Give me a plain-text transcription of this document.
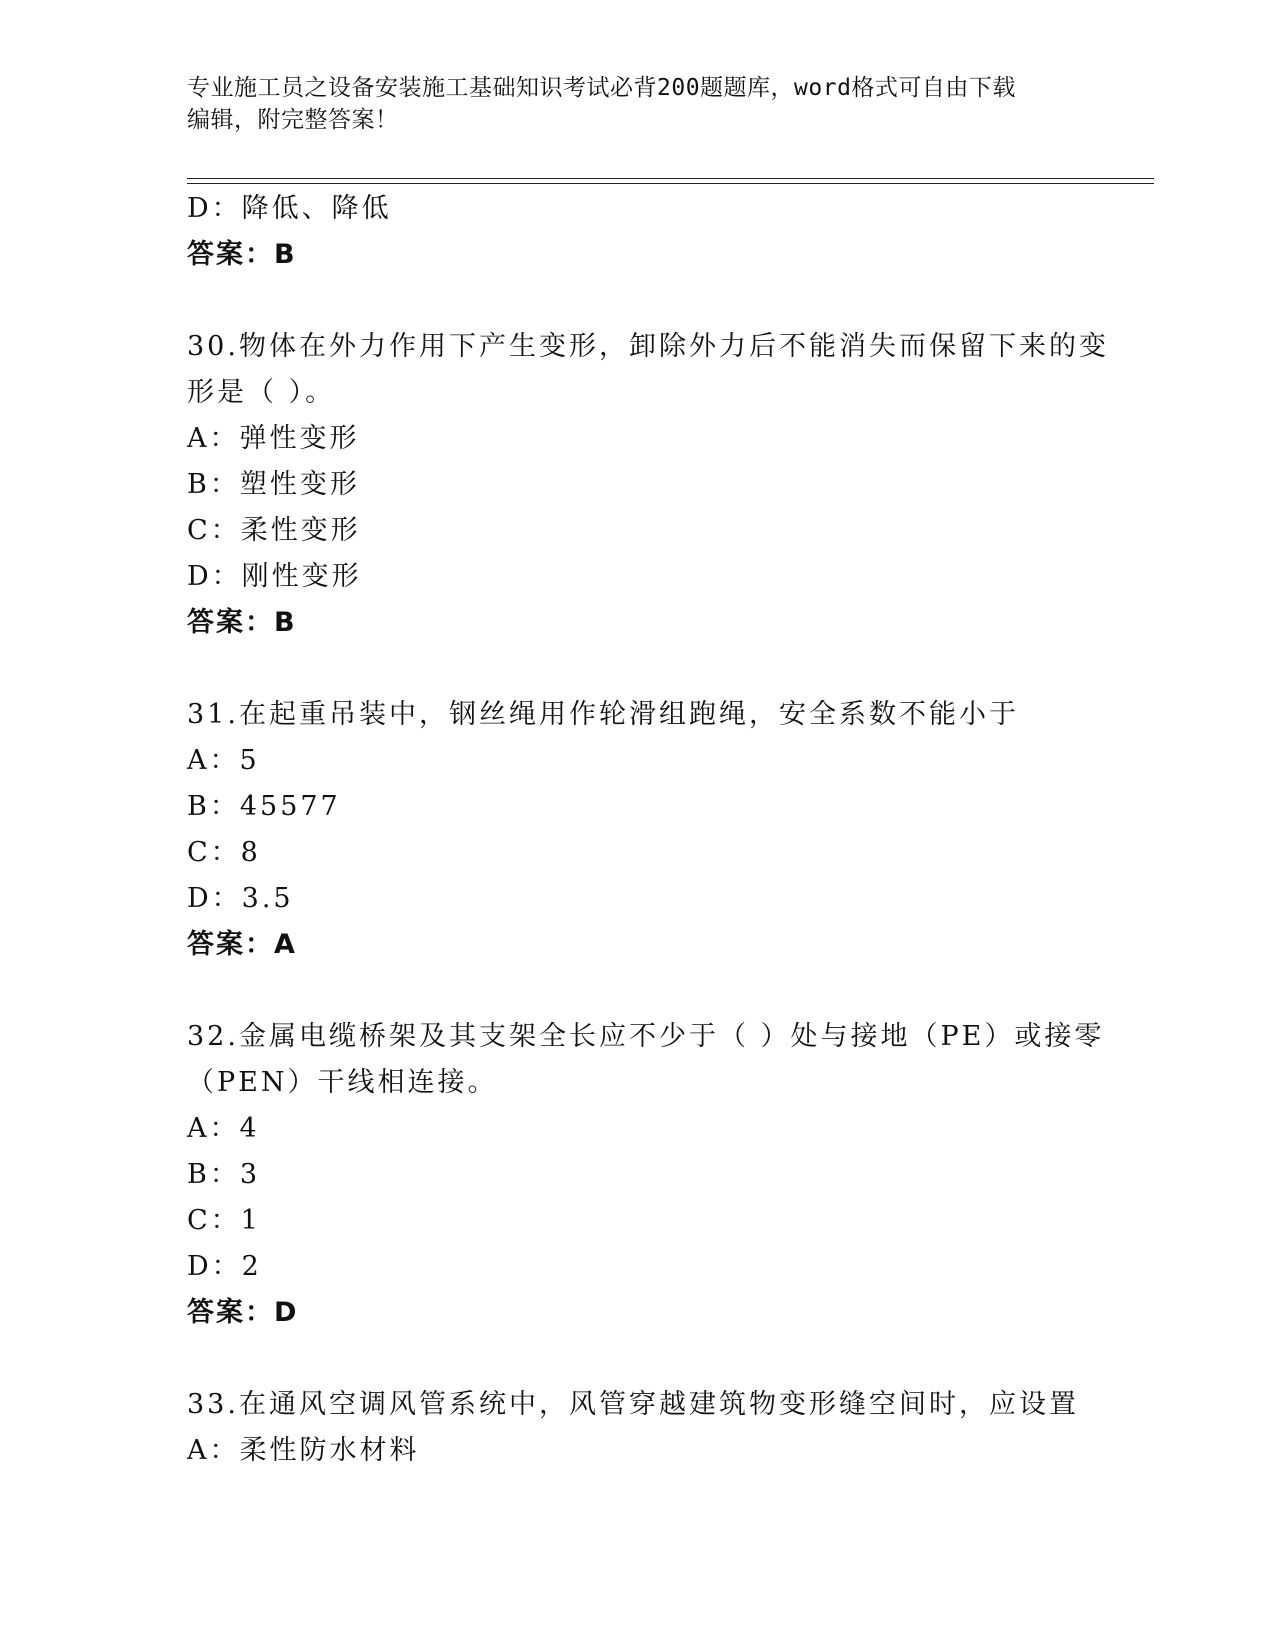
专业施工员之设备安装施工基础知识考试必背200题题库，word格式可自由下载
编辑，附完整答案！
D：降低、降低
答案：B
30.物体在外力作用下产生变形，卸除外力后不能消失而保留下来的变
形是（ ）。
A：弹性变形
B：塑性变形
C：柔性变形
D：刚性变形
答案：B
31.在起重吊装中，钢丝绳用作轮滑组跑绳，安全系数不能小于
A：5
B：45577
C：8
D：3.5
答案：A
32.金属电缆桥架及其支架全长应不少于（ ）处与接地（PE）或接零
（PEN）干线相连接。
A：4
B：3
C：1
D：2
答案：D
33.在通风空调风管系统中，风管穿越建筑物变形缝空间时，应设置
A：柔性防水材料
